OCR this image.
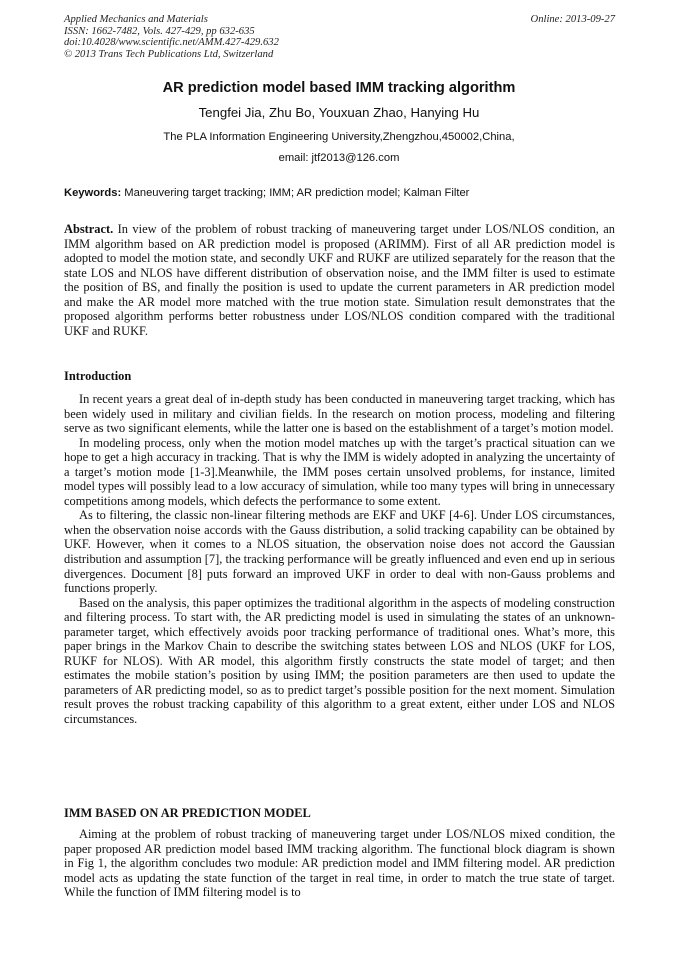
Applied Mechanics and Materials
ISSN: 1662-7482, Vols. 427-429, pp 632-635
doi:10.4028/www.scientific.net/AMM.427-429.632
© 2013 Trans Tech Publications Ltd, Switzerland
Online: 2013-09-27
AR prediction model based IMM tracking algorithm
Tengfei Jia, Zhu Bo, Youxuan Zhao, Hanying Hu
The PLA Information Engineering University,Zhengzhou,450002,China,
email: jtf2013@126.com
Keywords: Maneuvering target tracking; IMM; AR prediction model; Kalman Filter

Abstract. In view of the problem of robust tracking of maneuvering target under LOS/NLOS condition, an IMM algorithm based on AR prediction model is proposed (ARIMM). First of all AR prediction model is adopted to model the motion state, and secondly UKF and RUKF are utilized separately for the reason that the state LOS and NLOS have different distribution of observation noise, and the IMM filter is used to estimate the position of BS, and finally the position is used to update the current parameters in AR prediction model and make the AR model more matched with the true motion state. Simulation result demonstrates that the proposed algorithm performs better robustness under LOS/NLOS condition compared with the traditional UKF and RUKF.

Introduction

In recent years a great deal of in-depth study has been conducted in maneuvering target tracking, which has been widely used in military and civilian fields. In the research on motion process, modeling and filtering serve as two significant elements, while the latter one is based on the establishment of a target’s motion model.

In modeling process, only when the motion model matches up with the target’s practical situation can we hope to get a high accuracy in tracking. That is why the IMM is widely adopted in analyzing the uncertainty of a target’s motion mode [1-3].Meanwhile, the IMM poses certain unsolved problems, for instance, limited model types will possibly lead to a low accuracy of simulation, while too many types will bring in unnecessary competitions among models, which defects the performance to some extent.

As to filtering, the classic non-linear filtering methods are EKF and UKF [4-6]. Under LOS circumstances, when the observation noise accords with the Gauss distribution, a solid tracking capability can be obtained by UKF. However, when it comes to a NLOS situation, the observation noise does not accord the Gaussian distribution and assumption [7], the tracking performance will be greatly influenced and even end up in serious divergences. Document [8] puts forward an improved UKF in order to deal with non-Gauss problems and functions properly.

Based on the analysis, this paper optimizes the traditional algorithm in the aspects of modeling construction and filtering process. To start with, the AR predicting model is used in simulating the states of an unknown-parameter target, which effectively avoids poor tracking performance of traditional ones. What’s more, this paper brings in the Markov Chain to describe the switching states between LOS and NLOS (UKF for LOS, RUKF for NLOS). With AR model, this algorithm firstly constructs the state model of target; and then estimates the mobile station’s position by using IMM; the position parameters are then used to update the parameters of AR predicting model, so as to predict target’s possible position for the next moment. Simulation result proves the robust tracking capability of this algorithm to a great extent, either under LOS and NLOS circumstances.

IMM BASED ON AR PREDICTION MODEL

Aiming at the problem of robust tracking of maneuvering target under LOS/NLOS mixed condition, the paper proposed AR prediction model based IMM tracking algorithm. The functional block diagram is shown in Fig 1, the algorithm concludes two module: AR prediction model and IMM filtering model. AR prediction model acts as updating the state function of the target in real time, in order to match the true state of target. While the function of IMM filtering model is to
